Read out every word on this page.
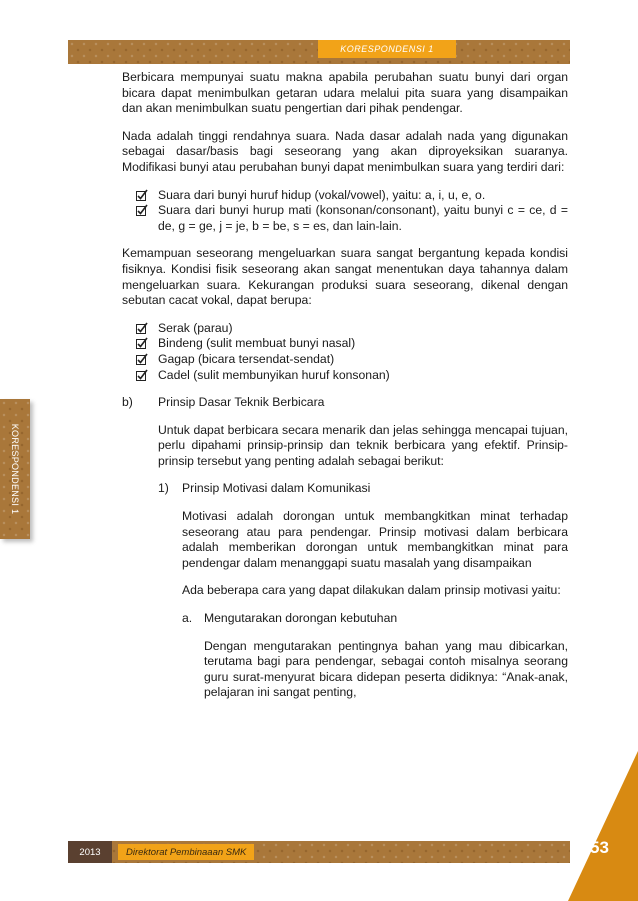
KORESPONDENSI 1
KORESPONDENSI 1

Berbicara mempunyai suatu makna apabila perubahan suatu bunyi dari organ bicara dapat menimbulkan getaran udara melalui pita suara yang disampaikan dan akan menimbulkan suatu pengertian dari pihak pendengar.

Nada adalah tinggi rendahnya suara. Nada dasar adalah nada yang digunakan sebagai dasar/basis bagi seseorang yang akan diproyeksikan suaranya. Modifikasi bunyi atau perubahan bunyi dapat menimbulkan suara yang terdiri dari:

Suara dari bunyi huruf hidup (vokal/vowel), yaitu: a, i, u, e, o.
Suara dari bunyi hurup mati (konsonan/consonant), yaitu bunyi c = ce, d = de, g = ge, j = je, b = be, s = es, dan lain-lain.

Kemampuan seseorang mengeluarkan suara sangat bergantung kepada kondisi fisiknya. Kondisi fisik seseorang akan sangat menentukan daya tahannya dalam mengeluarkan suara. Kekurangan produksi suara seseorang, dikenal dengan sebutan cacat vokal, dapat berupa:

Serak (parau)
Bindeng (sulit membuat bunyi nasal)
Gagap (bicara tersendat-sendat)
Cadel (sulit membunyikan huruf konsonan)
b)	Prinsip Dasar Teknik Berbicara

Untuk dapat berbicara secara menarik dan jelas sehingga mencapai tujuan, perlu dipahami prinsip-prinsip dan teknik berbicara yang efektif. Prinsip-prinsip tersebut yang penting adalah sebagai berikut:

1)	Prinsip Motivasi dalam Komunikasi

Motivasi adalah dorongan untuk membangkitkan minat terhadap seseorang atau para pendengar. Prinsip motivasi dalam berbicara adalah memberikan dorongan untuk membangkitkan minat para pendengar dalam menanggapi suatu masalah yang disampaikan

Ada beberapa cara yang dapat dilakukan dalam prinsip motivasi yaitu:

a. Mengutarakan dorongan kebutuhan

Dengan mengutarakan pentingnya bahan yang mau dibicarkan, terutama bagi para pendengar, sebagai contoh misalnya seorang guru surat-menyurat bicara didepan peserta didiknya: “Anak-anak, pelajaran ini sangat penting,

2013	Direktorat Pembinaaan SMK	53
